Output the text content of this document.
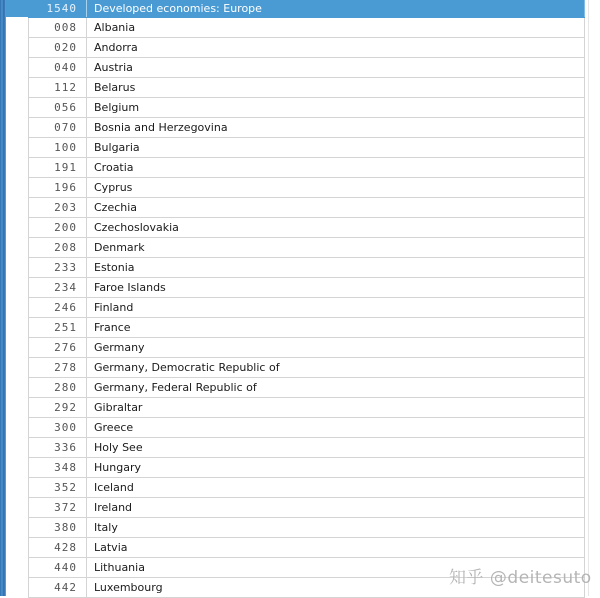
1540	Developed economies: Europe
008	Albania
020	Andorra
040	Austria
112	Belarus
056	Belgium
070	Bosnia and Herzegovina
100	Bulgaria
191	Croatia
196	Cyprus
203	Czechia
200	Czechoslovakia
208	Denmark
233	Estonia
234	Faroe Islands
246	Finland
251	France
276	Germany
278	Germany, Democratic Republic of
280	Germany, Federal Republic of
292	Gibraltar
300	Greece
336	Holy See
348	Hungary
352	Iceland
372	Ireland
380	Italy
428	Latvia
440	Lithuania
442	Luxembourg	知乎 @deitesuto
